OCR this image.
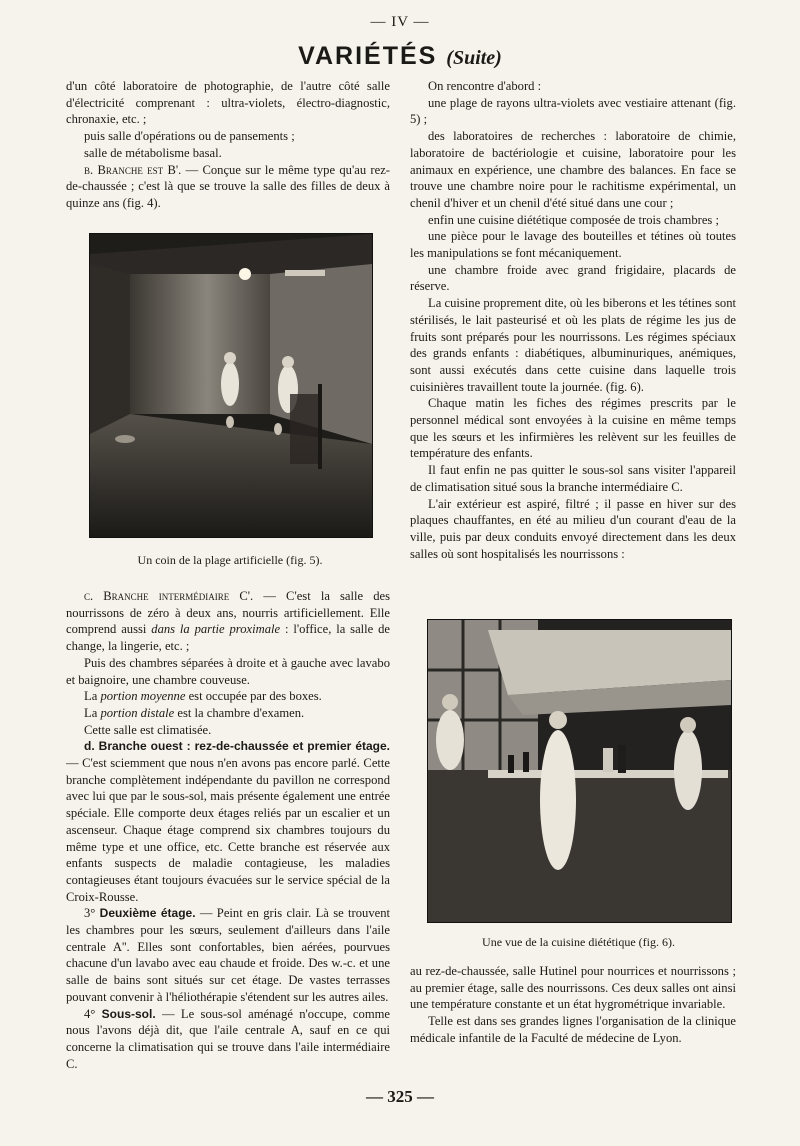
— IV —
VARIÉTÉS (Suite)

d'un côté laboratoire de photographie, de l'autre côté salle d'électricité comprenant : ultra-violets, électro-diagnostic, chronaxie, etc. ;

puis salle d'opérations ou de pansements ;

salle de métabolisme basal.

b. Branche est B'. — Conçue sur le même type qu'au rez-de-chaussée ; c'est là que se trouve la salle des filles de deux à quinze ans (fig. 4).

Un coin de la plage artificielle (fig. 5).

c. Branche intermédiaire C'. — C'est la salle des nourrissons de zéro à deux ans, nourris artificiellement. Elle comprend aussi dans la partie proximale : l'office, la salle de change, la lingerie, etc. ;

Puis des chambres séparées à droite et à gauche avec lavabo et baignoire, une chambre couveuse.

La portion moyenne est occupée par des boxes.

La portion distale est la chambre d'examen.

Cette salle est climatisée.

d. Branche ouest : rez-de-chaussée et premier étage. — C'est sciemment que nous n'en avons pas encore parlé. Cette branche complètement indépendante du pavillon ne correspond avec lui que par le sous-sol, mais présente également une entrée spéciale. Elle comporte deux étages reliés par un escalier et un ascenseur. Chaque étage comprend six chambres toujours du même type et une office, etc. Cette branche est réservée aux enfants suspects de maladie contagieuse, les maladies contagieuses étant toujours évacuées sur le service spécial de la Croix-Rousse.

3° Deuxième étage. — Peint en gris clair. Là se trouvent les chambres pour les sœurs, seulement d'ailleurs dans l'aile centrale A''. Elles sont confortables, bien aérées, pourvues chacune d'un lavabo avec eau chaude et froide. Des w.-c. et une salle de bains sont situés sur cet étage. De vastes terrasses pouvant convenir à l'héliothérapie s'étendent sur les autres ailes.

4° Sous-sol. — Le sous-sol aménagé n'occupe, comme nous l'avons déjà dit, que l'aile centrale A, sauf en ce qui concerne la climatisation qui se trouve dans l'aile intermédiaire C.

On rencontre d'abord :

une plage de rayons ultra-violets avec vestiaire attenant (fig. 5) ;

des laboratoires de recherches : laboratoire de chimie, laboratoire de bactériologie et cuisine, laboratoire pour les animaux en expérience, une chambre des balances. En face se trouve une chambre noire pour le rachitisme expérimental, un chenil d'hiver et un chenil d'été situé dans une cour ;

enfin une cuisine diététique composée de trois chambres ;

une pièce pour le lavage des bouteilles et tétines où toutes les manipulations se font mécaniquement.

une chambre froide avec grand frigidaire, placards de réserve.

La cuisine proprement dite, où les biberons et les tétines sont stérilisés, le lait pasteurisé et où les plats de régime les jus de fruits sont préparés pour les nourrissons. Les régimes spéciaux des grands enfants : diabétiques, albuminuriques, anémiques, sont aussi exécutés dans cette cuisine dans laquelle trois cuisinières travaillent toute la journée. (fig. 6).

Chaque matin les fiches des régimes prescrits par le personnel médical sont envoyées à la cuisine en même temps que les sœurs et les infirmières les relèvent sur les feuilles de température des enfants.

Il faut enfin ne pas quitter le sous-sol sans visiter l'appareil de climatisation situé sous la branche intermédiaire C.

L'air extérieur est aspiré, filtré ; il passe en hiver sur des plaques chauffantes, en été au milieu d'un courant d'eau de la ville, puis par deux conduits envoyé directement dans les deux salles où sont hospitalisés les nourrissons :

Une vue de la cuisine diététique (fig. 6).

au rez-de-chaussée, salle Hutinel pour nourrices et nourrissons ; au premier étage, salle des nourrissons. Ces deux salles ont ainsi une température constante et un état hygrométrique invariable.

Telle est dans ses grandes lignes l'organisation de la clinique médicale infantile de la Faculté de médecine de Lyon.

— 325 —
